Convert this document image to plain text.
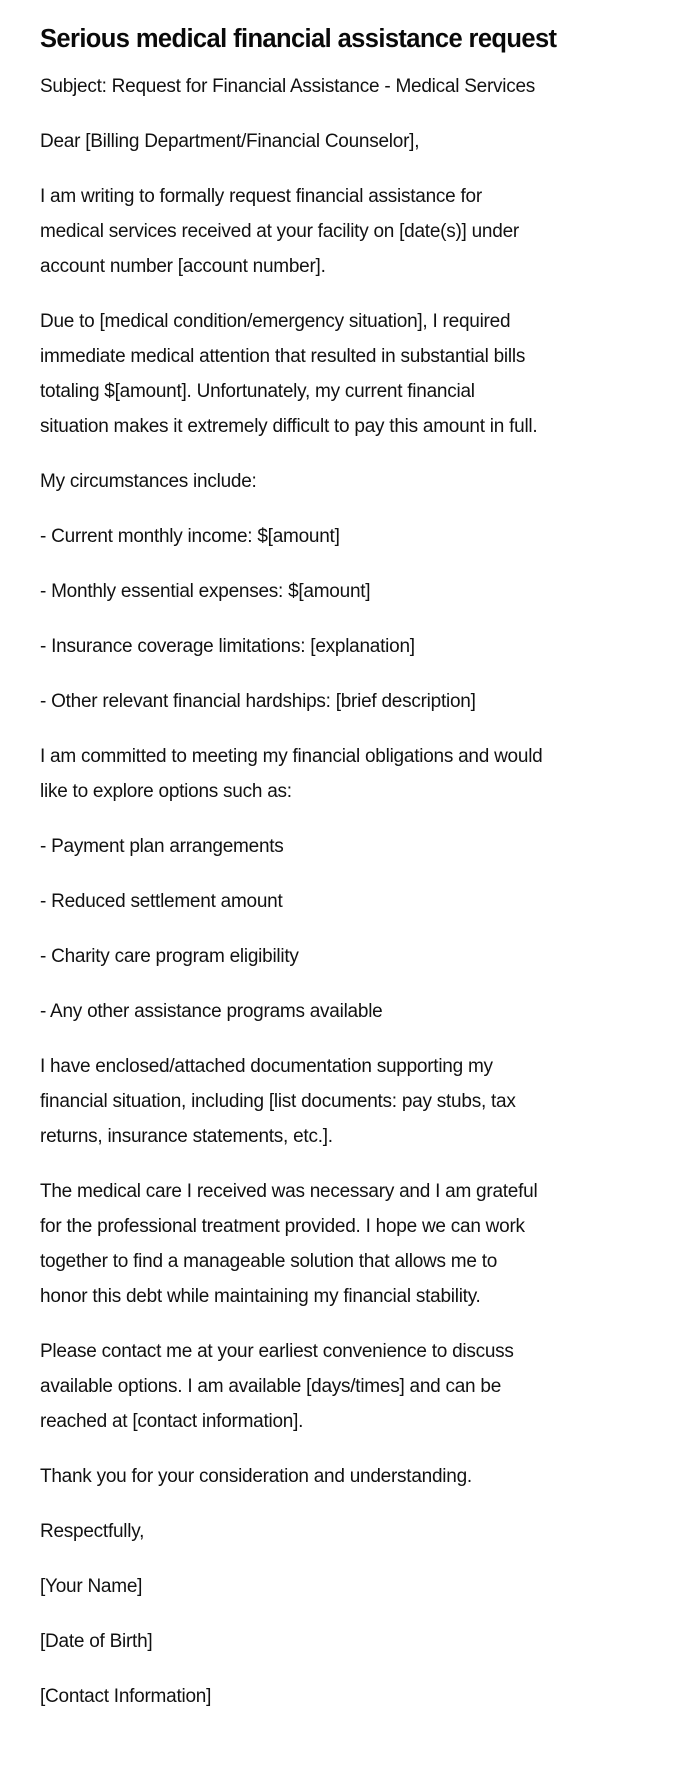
Serious medical financial assistance request

Subject: Request for Financial Assistance - Medical Services

Dear [Billing Department/Financial Counselor],

I am writing to formally request financial assistance for
medical services received at your facility on [date(s)] under
account number [account number].

Due to [medical condition/emergency situation], I required
immediate medical attention that resulted in substantial bills
totaling $[amount]. Unfortunately, my current financial
situation makes it extremely difficult to pay this amount in full.

My circumstances include:

- Current monthly income: $[amount]

- Monthly essential expenses: $[amount]

- Insurance coverage limitations: [explanation]

- Other relevant financial hardships: [brief description]

I am committed to meeting my financial obligations and would
like to explore options such as:

- Payment plan arrangements

- Reduced settlement amount

- Charity care program eligibility

- Any other assistance programs available

I have enclosed/attached documentation supporting my
financial situation, including [list documents: pay stubs, tax
returns, insurance statements, etc.].

The medical care I received was necessary and I am grateful
for the professional treatment provided. I hope we can work
together to find a manageable solution that allows me to
honor this debt while maintaining my financial stability.

Please contact me at your earliest convenience to discuss
available options. I am available [days/times] and can be
reached at [contact information].

Thank you for your consideration and understanding.

Respectfully,

[Your Name]

[Date of Birth]

[Contact Information]
